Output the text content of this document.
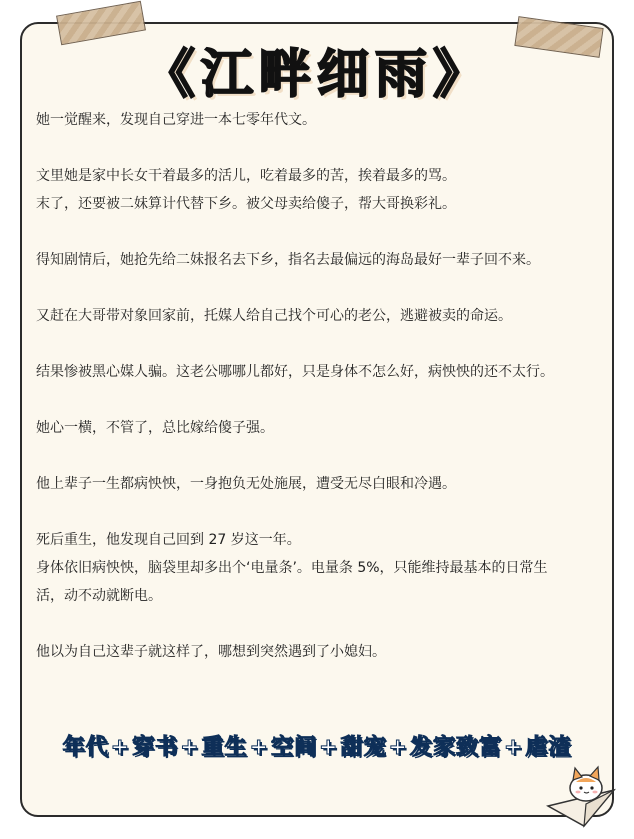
《江畔细雨》
她一觉醒来，发现自己穿进一本七零年代文。
文里她是家中长女干着最多的活儿，吃着最多的苦，挨着最多的骂。
末了，还要被二妹算计代替下乡。被父母卖给傻子，帮大哥换彩礼。
得知剧情后，她抢先给二妹报名去下乡，指名去最偏远的海岛最好一辈子回不来。
又赶在大哥带对象回家前，托媒人给自己找个可心的老公，逃避被卖的命运。
结果惨被黑心媒人骗。这老公哪哪儿都好，只是身体不怎么好，病怏怏的还不太行。
她心一横，不管了，总比嫁给傻子强。
他上辈子一生都病怏怏，一身抱负无处施展，遭受无尽白眼和冷遇。
死后重生，他发现自己回到 27 岁这一年。
身体依旧病怏怏，脑袋里却多出个‘电量条’。电量条 5%，只能维持最基本的日常生
活，动不动就断电。
他以为自己这辈子就这样了，哪想到突然遇到了小媳妇。
年代+穿书+重生+空间+甜宠+发家致富+虐渣
